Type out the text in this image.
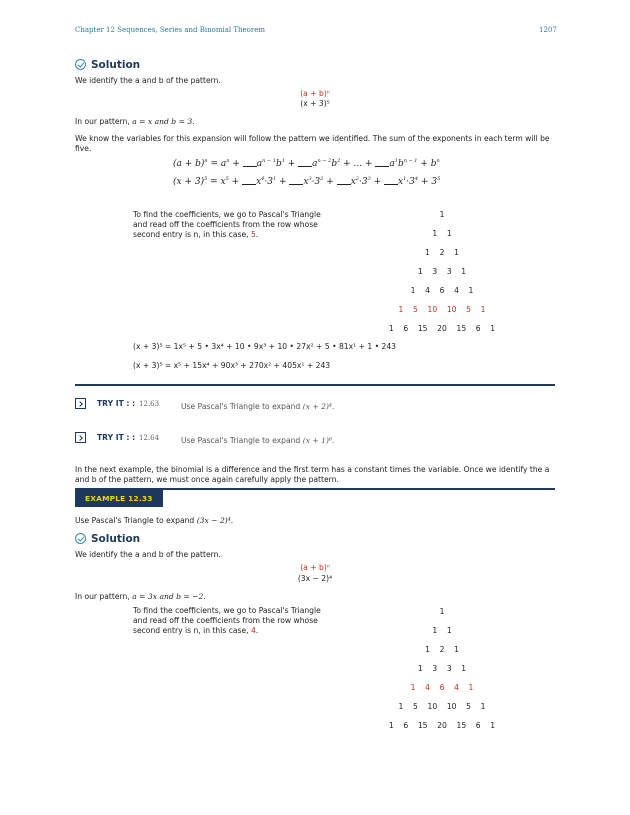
Chapter 12 Sequences, Series and Binomial Theorem	1207
Solution
We identify the a and b of the pattern.
(a + b)ⁿ
(x + 3)⁵
In our pattern, a = x and b = 3.
We know the variables for this expansion will follow the pattern we identified. The sum of the exponents in each term will be five.
$(a + b)^n = a^n + a^{n - 1}b^1 + a^{n - 2}b^2$ + ... + $a^1b^{n - 1} + b^n$
$(x + 3)^5 = x^5 + x^4\cdot 3^1 + x^3\cdot 3^2 + x^2\cdot 3^3 + x^1\cdot 3^4 + 3^5$
To find the coefficients, we go to Pascal's Triangle and read off the coefficients from the row whose second entry is n, in this case, 5.
1
1    1
1    2    1
1    3    3    1
1    4    6    4    1
1    5    10    10    5    1
1    6    15    20    15    6    1
(x + 3)⁵ = 1x⁵ + 5 • 3x⁴ + 10 • 9x³ + 10 • 27x² + 5 • 81x¹ + 1 • 243
(x + 3)⁵ = x⁵ + 15x⁴ + 90x³ + 270x² + 405x¹ + 243
TRY IT : : 12.63	Use Pascal's Triangle to expand (x + 2)⁴.
TRY IT : : 12.64	Use Pascal's Triangle to expand (x + 1)⁶.
In the next example, the binomial is a difference and the first term has a constant times the variable. Once we identify the a and b of the pattern, we must once again carefully apply the pattern.
EXAMPLE 12.33
Use Pascal's Triangle to expand (3x − 2)⁴.
Solution
We identify the a and b of the pattern.
(a + b)ⁿ
(3x − 2)⁴
In our pattern, a = 3x and b = −2.
To find the coefficients, we go to Pascal's Triangle and read off the coefficients from the row whose second entry is n, in this case, 4.
1
1    1
1    2    1
1    3    3    1
1    4    6    4    1
1    5    10    10    5    1
1    6    15    20    15    6    1
